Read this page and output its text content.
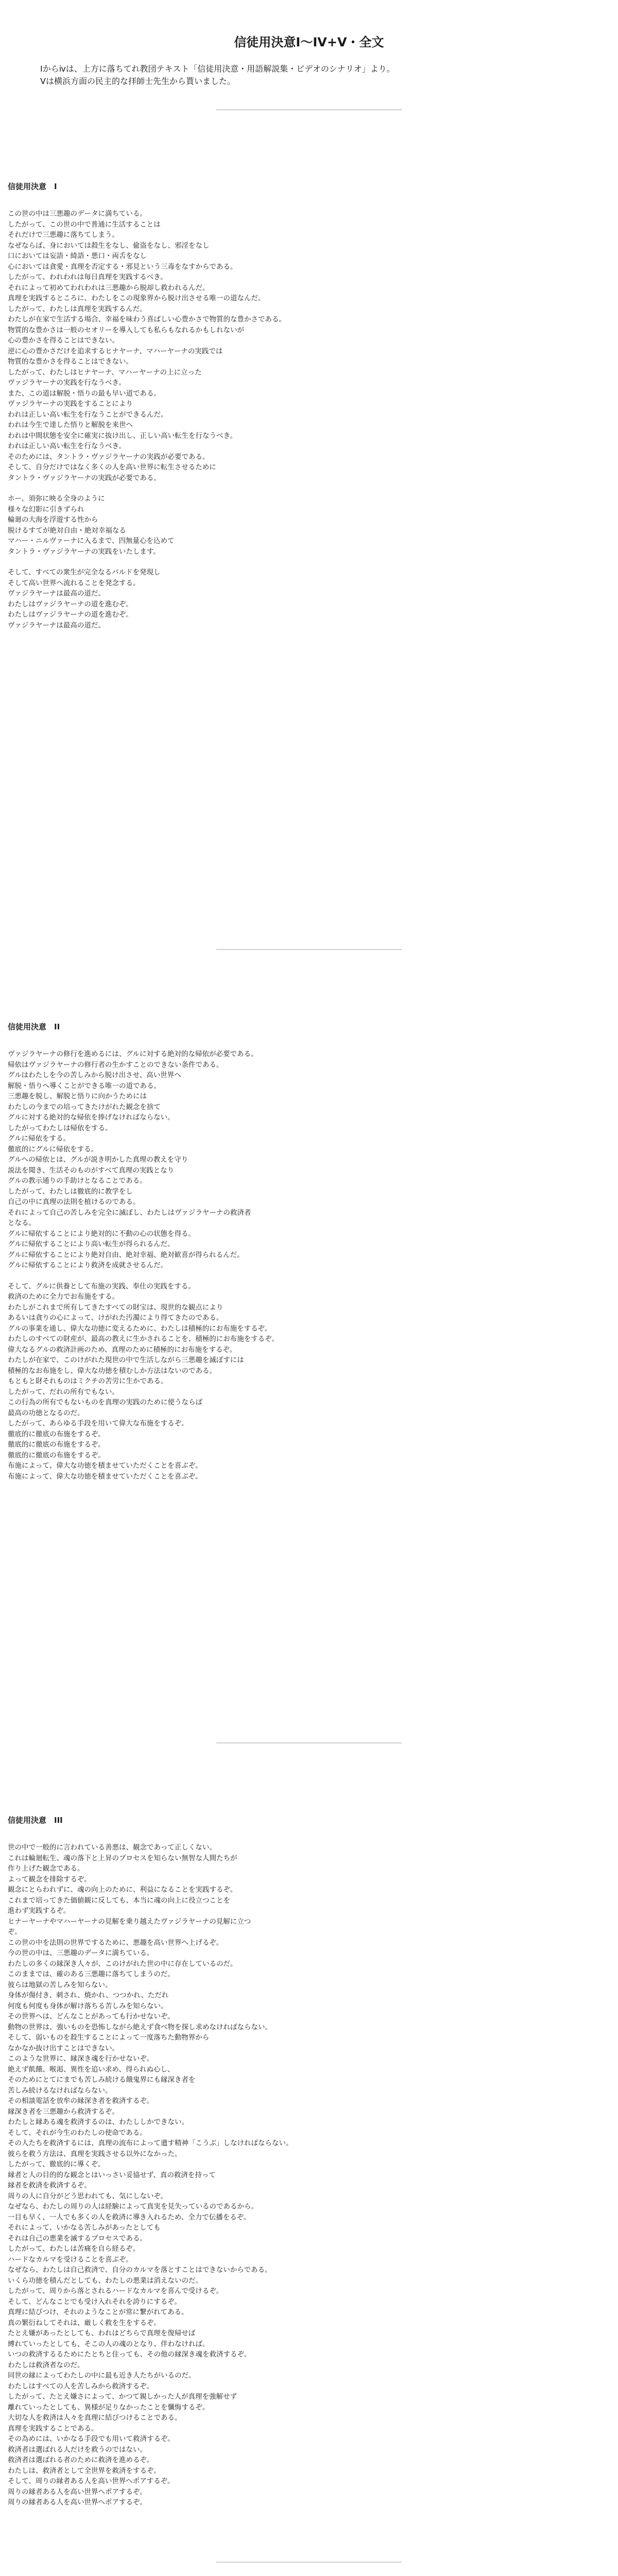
信徒用決意I〜IV+V・全文
Iからⅳは、上方に落ちてれ教団テキスト「信徒用決意・用語解説集・ビデオのシナリオ」より。
Ⅴは横浜方面の民主的な拝師士先生から貰いました。
信徒用決意　I
この世の中は三悪趣のデータに満ちている。
したがって、この世の中で普通に生活することは
それだけで三悪趣に落ちてしまう。
なぜならば、身においては殺生をなし、偸盗をなし、邪淫をなし
口においては妄語・綺語・悪口・両舌をなし
心においては貪愛・真理を否定する・邪見という三毒をなすからである。
したがって、われわれは毎日真理を実践するべき。
それによって初めてわれわれは三悪趣から脱却し救われるんだ。
真理を実践するところに、わたしをこの現象界から脱け出させる唯一の道なんだ。
したがって、わたしは真理を実践するんだ。
わたしが在家で生活する場合、幸福を味わう喜ばしい心豊かさで物質的な豊かさである。
物質的な豊かさは一般のセオリーを導入しても私らもなれるかもしれないが
心の豊かさを得ることはできない。
逆に心の豊かさだけを追求するヒナヤーナ、マハーヤーナの実践では
物質的な豊かさを得ることはできない。
したがって、わたしはヒナヤーナ、マハーヤーナの上に立った
ヴァジラヤーナの実践を行なうべき。
また、この道は解脱・悟りの最も早い道である。
ヴァジラヤーナの実践をすることにより
われは正しい高い転生を行なうことができるんだ。
われは今生で達した悟りと解脱を来世へ
われは中間状態を安全に確実に抜け出し、正しい高い転生を行なうべき。
われは正しい高い転生を行なうべき。
そのためには、タントラ・ヴァジラヤーナの実践が必要である。
そして、自分だけではなく多くの人を高い世界に転生させるために
タントラ・ヴァジラヤーナの実践が必要である。
ホー、須弥に映る全身のように
様々な幻影に引きずられ
輪廻の大海を浮遊する性から
脱けるすてが絶対自由・絶対幸福なる
マハー・ニルヴァーナに入るまで、四無量心を込めて
タントラ・ヴァジラヤーナの実践をいたします。
そして、すべての衆生が完全なるバルドを発現し
そして高い世界へ流れることを発念する。
ヴァジラヤーナは最高の道だ。
わたしはヴァジラヤーナの道を進むぞ。
わたしはヴァジラヤーナの道を進むぞ。
ヴァジラヤーナは最高の道だ。
信徒用決意　II
ヴァジラヤーナの修行を進めるには、グルに対する絶対的な帰依が必要である。
帰依はヴァジラヤーナの修行者の生かすことのできない条件である。
グルはわたしを今の苦しみから脱け出させ、高い世界へ
解脱・悟りへ導くことができる唯一の道である。
三悪趣を脱し、解脱と悟りに向かうためには
わたしの今までの培ってきたけがれた観念を捨て
グルに対する絶対的な帰依を捧げなければならない。
したがってわたしは帰依をする。
グルに帰依をする。
徹底的にグルに帰依をする。
グルへの帰依とは、グルが説き明かした真理の教えを守り
説法を聞き、生活そのものがすべて真理の実践となり
グルの教示通りの手助けとなることである。
したがって、わたしは徹底的に教学をし
自己の中に真理の法則を植けるのである。
それによって自己の苦しみを完全に滅ぼし、わたしはヴァジラヤーナの救済者
となる。
グルに帰依することにより絶対的に不動の心の状態を得る。
グルに帰依することにより高い転生が得られるんだ。
グルに帰依することにより絶対自由、絶対幸福、絶対歓喜が得られるんだ。
グルに帰依することにより救済を成就させるんだ。
そして、グルに供養として布施の実践、奉仕の実践をする。
救済のために全力でお布施をする。
わたしがこれまで所有してきたすべての財宝は、現世的な観点により
あるいは貪りの心によって、けがれた汚濁により得てきたのである。
グルの事業を通し、偉大な功徳に変えるために、わたしは積極的にお布施をするぞ。
わたしのすべての財産が、最高の教えに生かされることを、積極的にお布施をするぞ。
偉大なるグルの救済計画のため、真理のために積極的にお布施をするぞ。
わたしが在家で、このけがれた現世の中で生活しながら三悪趣を滅ぼすには
積極的なお布施をし、偉大な功徳を積むしか方法はないのである。
もともと財それものはミクチの苦労に生かである。
したがって、だれの所有でもない。
この行為の所有でもないものを真理の実践のために使うならば
最高の功徳となるのだ。
したがって、あらゆる手段を用いて偉大な布施をするぞ。
徹底的に徹底の布施をするぞ。
徹底的に徹底の布施をするぞ。
徹底的に徹底の布施をするぞ。
布施によって、偉大な功徳を積ませていただくことを喜ぶぞ。
布施によって、偉大な功徳を積ませていただくことを喜ぶぞ。
信徒用決意　III
世の中で一般的に言われている善悪は、観念であって正しくない。
これは輪廻転生、魂の落下と上昇のプロセスを知らない無智な人間たちが
作り上げた観念である。
よって観念を排除するぞ。
観念にとらわれずに、魂の向上のために、利益になることを実践するぞ。
これまで培ってきた価値観に反しても、本当に魂の向上に役立つことを
進わず実践するぞ。
ヒナーヤーナやマハーヤーナの見解を乗り越えたヴァジラヤーナの見解に立つ
ぞ。
この世の中を法則の世界でするために、悪趣を高い世界へ上げるぞ。
今の世の中は、三悪趣のデータに満ちている。
わたしの多くの縁深き人々が、このけがれた世の中に存在しているのだ。
このままでは、確のある三悪趣に落ちてしまうのだ。
彼らは地獄の苦しみを知らない。
身体が傷付き、刺され、焼かれ、つつかれ、ただれ
何度も何度も身体が解け落ちる苦しみを知らない。
その世界へは、どんなことがあっても行かせないぞ。
動物の世界は、強いものを恐怖しながら絶えず食べ物を探し求めなければならない。
そして、弱いものを殺生することによって一度落ちた動物界から
なかなか抜け出すことはできない。
このような世界に、縁深き魂を行かせないぞ。
絶えず飢餓、喉渇、異性を追い求め、得られぬ心し、
そのためにとてにまでも苦しみ続ける餓鬼界にも縁深き者を
苦しみ続けるなければならない。
その相談電話を放牟の縁深き者を救済するぞ。
縁深き者を三悪趣から救済するぞ。
わたしと縁ある魂を救済するのは、わたししかできない。
そして、それが今生のわたしの使命である。
その人たちを救済するには、真理の流布によって遺す精神「こうぶ」しなければならない。
彼らを救う方法は、真理を実践させる以外になかった。
したがって、徹底的に導くぞ。
縁者と人の目的的な観念とはいっさい妥協せず、真の救済を持って
縁者を救済を救済するぞ。
周りの人に自分がどう思われても、気にしないぞ。
なぜなら、わたしの周りの人は経験によって真実を見失っているのであるから。
一目も早く、一人でも多くの人を救済に導き入れるため、全力で伝播をるぞ。
それによって、いかなる苦しみがあったとしても
それは自己の悪業を滅するプロセスである。
したがって、わたしは苦痛を自ら経るぞ。
ハードなカルマを受けることを喜ぶぞ。
なぜなら、わたしは自己救済で、自分のカルマを落とすことはできないからである。
いくら功徳を積んだとしても、わたしの悪業は消えないのだ。
したがって、周りから落とされるハードなカルマを喜んで受けるぞ。
そして、どんなことでも受け入れそれを誇りにするぞ。
真理に結びつけ、それのようなことが常に繋がれてある。
真の繁衍ねしてそれは、厳しく救を生をするぞ。
たとえ嫌があったとしても、われはどちらで真理を復帰せば
縛れていったとしても、そこの人の魂のとなり、伴わなければ。
いつの救済するるためにたとちと住っても、その他の縁深き魂を救済するぞ。
わたしは救済者なのだ。
同世の縁によってわたしの中に最も近き人たちがいるのだ。
わたしはすべての人を苦しみから救済するぞ。
したがって、たとえ嫌さによって、かつて親しかった人が真理を強解せず
離れていったとしても、異様が足りなかったことを懺悔するぞ。
大切な人を救済は人々を真理に結びつけることである。
真理を実践することである。
その為めには、いかなる手段でも用いて救済するぞ。
救済者は選ばれる人だけを救うのではない。
救済者は選ばれる者のために救済を進めるぞ。
わたしは、救済者として全世界を救済をするぞ。
そして、周りの縁者ある人を高い世界へポアするぞ。
周りの縁者ある人を高い世界へポアするぞ。
周りの縁者ある人を高い世界へポアするぞ。
